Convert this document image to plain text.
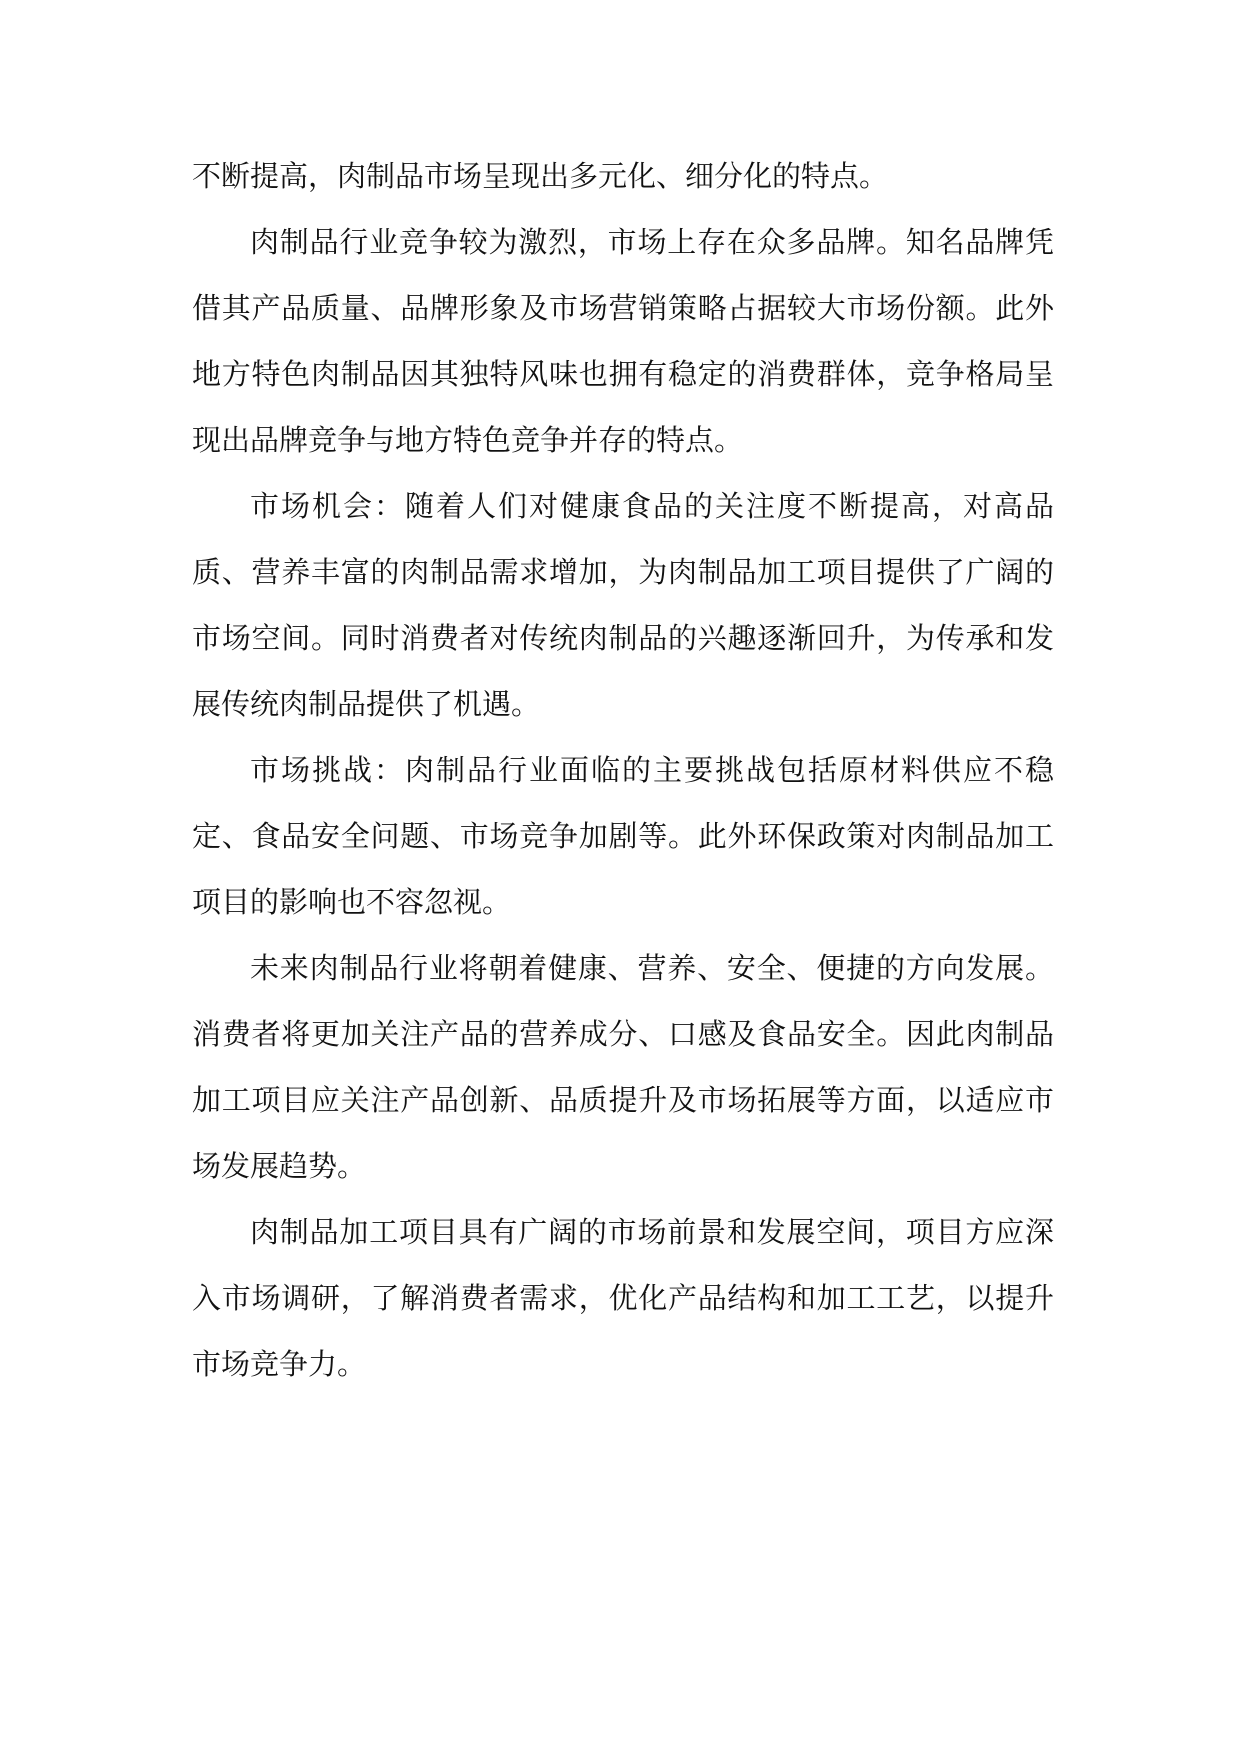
不断提高，肉制品市场呈现出多元化、细分化的特点。

肉制品行业竞争较为激烈，市场上存在众多品牌。知名品牌凭借其产品质量、品牌形象及市场营销策略占据较大市场份额。此外地方特色肉制品因其独特风味也拥有稳定的消费群体，竞争格局呈现出品牌竞争与地方特色竞争并存的特点。

市场机会：随着人们对健康食品的关注度不断提高，对高品质、营养丰富的肉制品需求增加，为肉制品加工项目提供了广阔的市场空间。同时消费者对传统肉制品的兴趣逐渐回升，为传承和发展传统肉制品提供了机遇。

市场挑战：肉制品行业面临的主要挑战包括原材料供应不稳定、食品安全问题、市场竞争加剧等。此外环保政策对肉制品加工项目的影响也不容忽视。

未来肉制品行业将朝着健康、营养、安全、便捷的方向发展。消费者将更加关注产品的营养成分、口感及食品安全。因此肉制品加工项目应关注产品创新、品质提升及市场拓展等方面，以适应市场发展趋势。

肉制品加工项目具有广阔的市场前景和发展空间，项目方应深入市场调研，了解消费者需求，优化产品结构和加工工艺，以提升市场竞争力。
